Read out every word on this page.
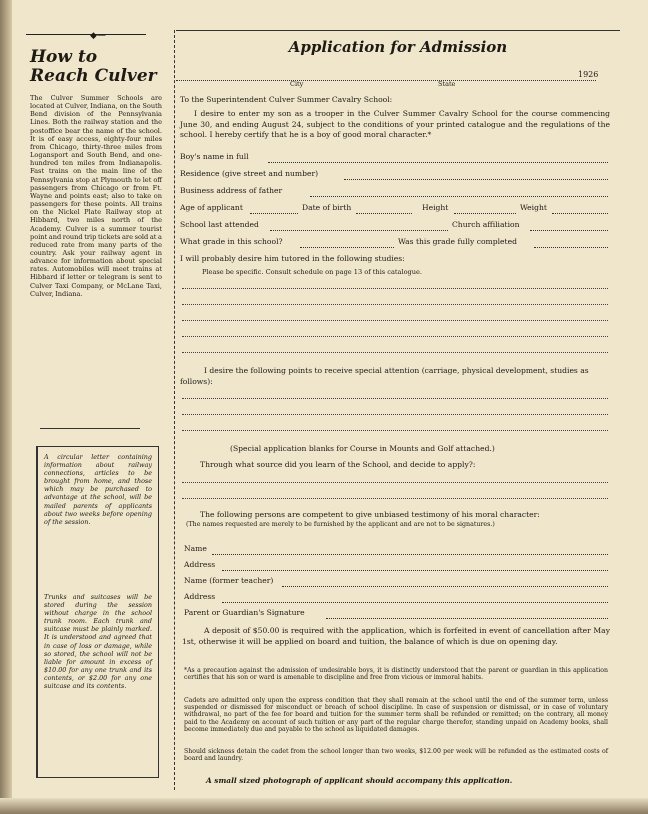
◆—
How to
Reach Culver
The Culver Summer Schools are located at Culver, Indiana, on the South Bend division of the Pennsylvania Lines. Both the railway station and the postoffice bear the name of the school. It is of easy access, eighty-four miles from Chicago, thirty-three miles from Logansport and South Bend, and one-hundred ten miles from Indianapolis. Fast trains on the main line of the Pennsylvania stop at Plymouth to let off passengers from Chicago or from Ft. Wayne and points east; also to take on passengers for these points. All trains on the Nickel Plate Railway stop at Hibbard, two miles north of the Academy. Culver is a summer tourist point and round trip tickets are sold at a reduced rate from many parts of the country. Ask your railway agent in advance for information about special rates. Automobiles will meet trains at Hibbard if letter or telegram is sent to Culver Taxi Company, or McLane Taxi, Culver, Indiana.
A circular letter containing information about railway connections, articles to be brought from home, and those which may be purchased to advantage at the school, will be mailed parents of applicants about two weeks before opening of the session.
Trunks and suitcases will be stored during the session without charge in the school trunk room. Each trunk and suitcase must be plainly marked. It is understood and agreed that in case of loss or damage, while so stored, the school will not be liable for amount in excess of $10.00 for any one trunk and its contents, or $2.00 for any one suitcase and its contents.
Application for Admission
1926
City	State
To the Superintendent Culver Summer Cavalry School:
I desire to enter my son as a trooper in the Culver Summer Cavalry School for the course commencing June 30, and ending August 24, subject to the conditions of your printed catalogue and the regulations of the school. I hereby certify that he is a boy of good moral character.*
Boy's name in full
Residence (give street and number)
Business address of father
Age of applicant	Date of birth	Height	Weight
School last attended	Church affiliation
What grade in this school?	Was this grade fully completed
I will probably desire him tutored in the following studies:
Please be specific. Consult schedule on page 13 of this catalogue.
I desire the following points to receive special attention (carriage, physical development, studies as follows):
(Special application blanks for Course in Mounts and Golf attached.)
Through what source did you learn of the School, and decide to apply?:
The following persons are competent to give unbiased testimony of his moral character:
(The names requested are merely to be furnished by the applicant and are not to be signatures.)
Name
Address
Name (former teacher)
Address
Parent or Guardian's Signature
A deposit of $50.00 is required with the application, which is forfeited in event of cancellation after May 1st, otherwise it will be applied on board and tuition, the balance of which is due on opening day.
*As a precaution against the admission of undesirable boys, it is distinctly understood that the parent or guardian in this application certifies that his son or ward is amenable to discipline and free from vicious or immoral habits.
Cadets are admitted only upon the express condition that they shall remain at the school until the end of the summer term, unless suspended or dismissed for misconduct or breach of school discipline. In case of suspension or dismissal, or in case of voluntary withdrawal, no part of the fee for board and tuition for the summer term shall be refunded or remitted; on the contrary, all money paid to the Academy on account of such tuition or any part of the regular charge therefor, standing unpaid on Academy books, shall become immediately due and payable to the school as liquidated damages.
Should sickness detain the cadet from the school longer than two weeks, $12.00 per week will be refunded as the estimated costs of board and laundry.
A small sized photograph of applicant should accompany this application.
